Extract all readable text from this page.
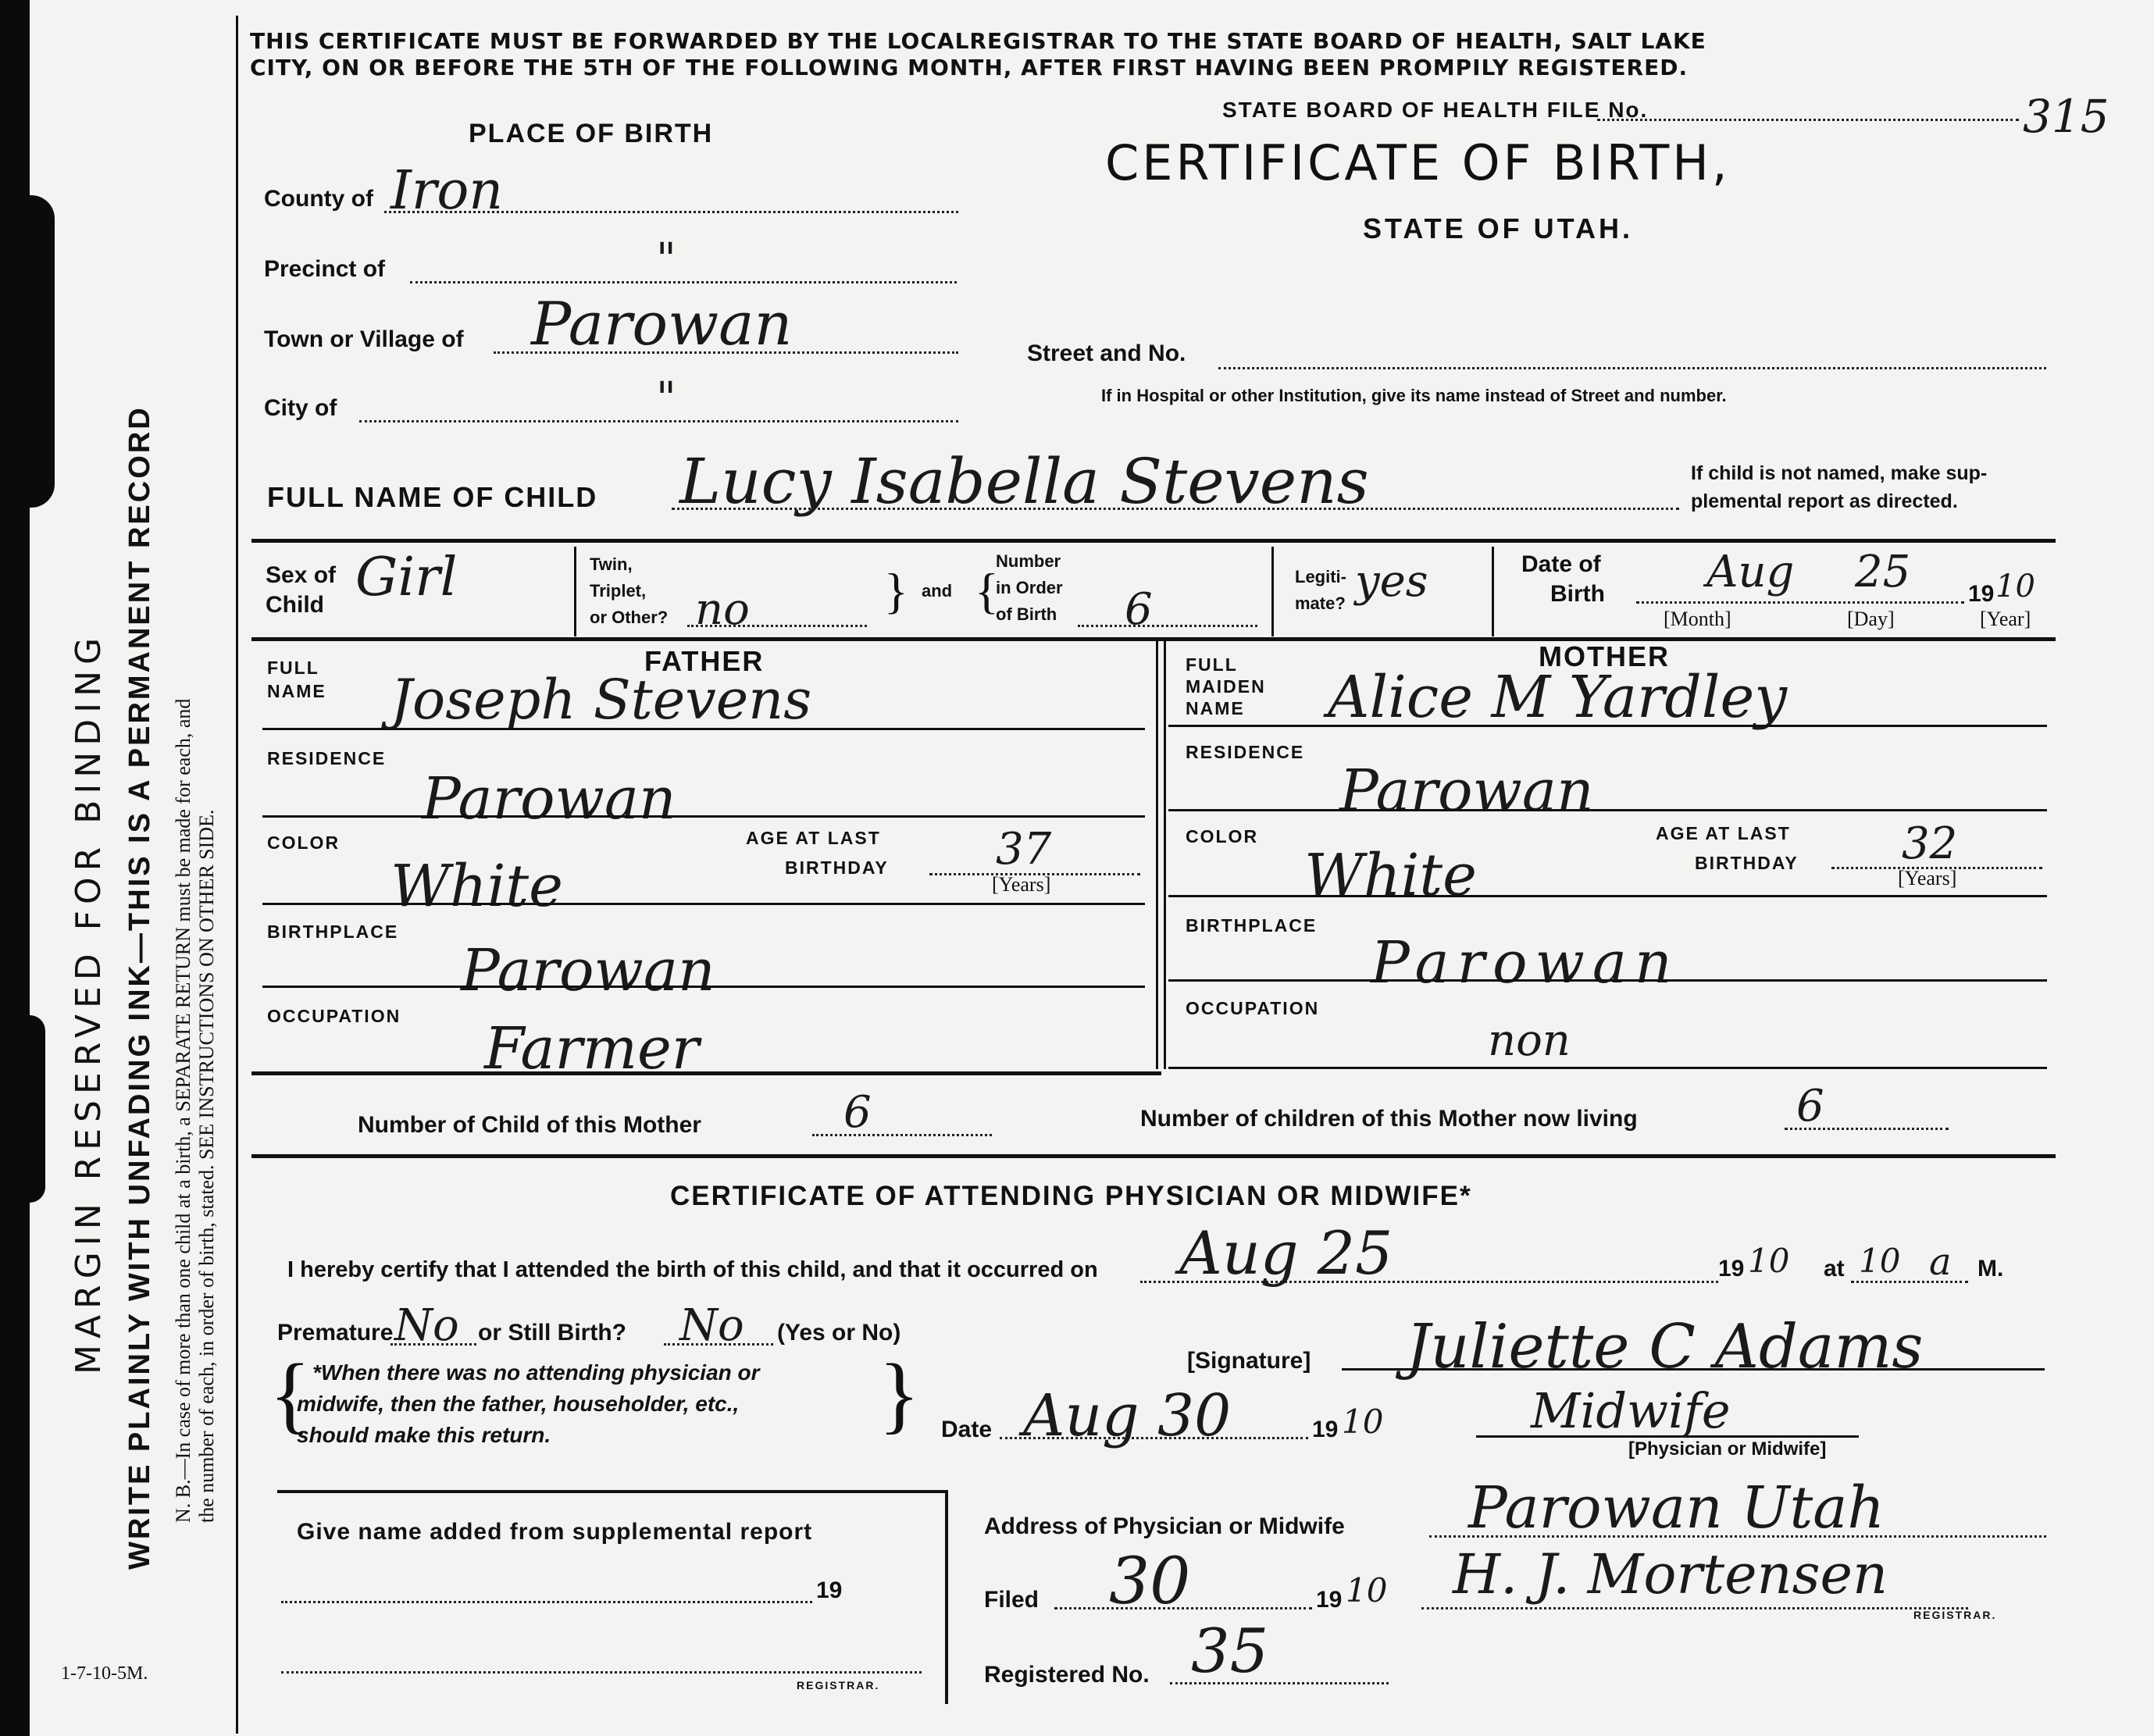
MARGIN RESERVED FOR BINDING WRITE PLAINLY WITH UNFADING INK—THIS IS A PERMANENT RECORD N. B.—In case of more than one child at a birth, a SEPARATE RETURN must be made for each, and the number of each, in order of birth, stated. SEE INSTRUCTIONS ON OTHER SIDE.
1-7-10-5M.
THIS CERTIFICATE MUST BE FORWARDED BY THE LOCALREGISTRAR TO THE STATE BOARD OF HEALTH, SALT LAKE
CITY, ON OR BEFORE THE 5TH OF THE FOLLOWING MONTH, AFTER FIRST HAVING BEEN PROMPILY REGISTERED.
STATE BOARD OF HEALTH FILE No.	315
CERTIFICATE OF BIRTH,
STATE OF UTAH.
PLACE OF BIRTH
County of Iron
Precinct of	"
Town or Village of Parowan
City of	"
Street and No.
If in Hospital or other Institution, give its name instead of Street and number.
FULL NAME OF CHILD Lucy Isabella Stevens	If child is not named, make sup-
plemental report as directed.
Sex of
Child Girl	Twin,
Triplet,
or Other? no	} and {
Number
in Order
of Birth 6
Legiti-
mate? yes	Date of
Birth Aug 25 19 10
[Month]	[Day]	[Year]
FATHER
FULL
NAME Joseph Stevens
RESIDENCE
Parowan
COLOR
White
AGE AT LAST
BIRTHDAY 37
[Years]
BIRTHPLACE
Parowan
OCCUPATION Farmer
MOTHER
FULL
MAIDEN
NAME Alice M Yardley
RESIDENCE
Parowan
COLOR
White
AGE AT LAST
BIRTHDAY 32
[Years]
BIRTHPLACE
Parowan
OCCUPATION
non
Number of Child of this Mother	6	Number of children of this Mother now living	6
CERTIFICATE OF ATTENDING PHYSICIAN OR MIDWIFE*
I hereby certify that I attended the birth of this child, and that it occurred on Aug 25	19 10 at 10 a M.
Premature No or Still Birth? No (Yes or No)
{ *When there was no attending physician or
midwife, then the father, householder, etc.,
should make this return.	}	[Signature] Juliette C Adams
Date Aug 30	19 10	Midwife
[Physician or Midwife]
Give name added from supplemental report
19
REGISTRAR.
Address of Physician or Midwife Parowan Utah
Filed 30	19 10 H. J. Mortensen
REGISTRAR.
Registered No. 35
